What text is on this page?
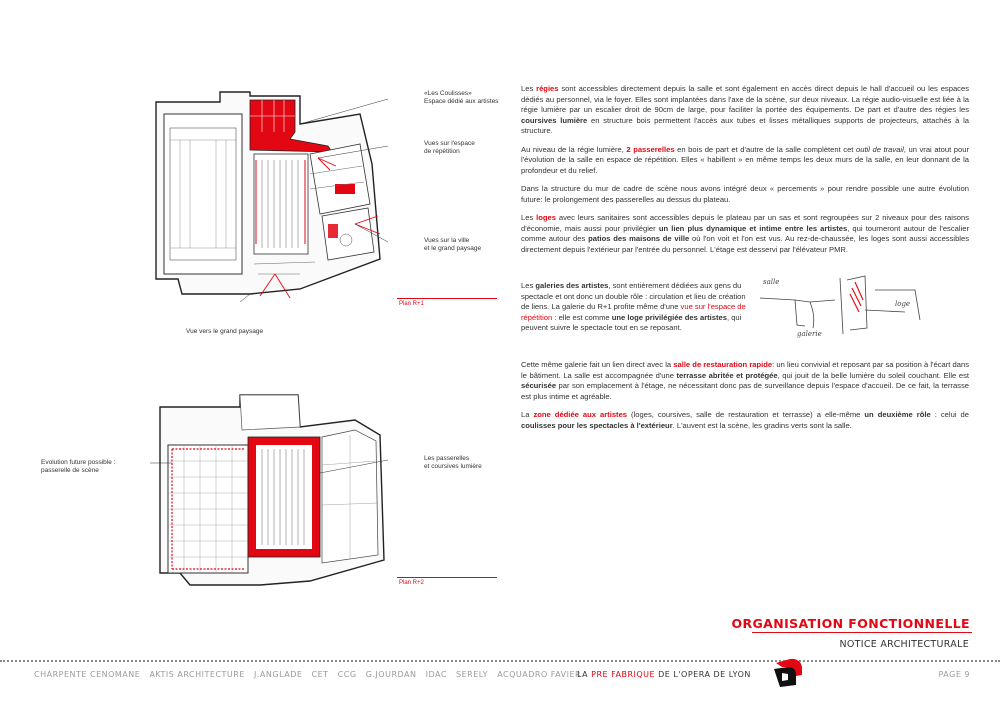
«Les Coulisses»
Espace dédié aux artistes
Vues sur l'espace
de répétition
Vues sur la ville
et le grand paysage
Vue vers le grand paysage
Plan R+1
Evolution future possible :
passerelle de scène
Les passerelles
et coursives lumière
Plan R+2

Les régies sont accessibles directement depuis la salle et sont également en accès direct depuis le hall d'accueil ou les espaces dédiés au personnel, via le foyer. Elles sont implantées dans l'axe de la scène, sur deux niveaux. La régie audio-visuelle est liée à la régie lumière par un escalier droit de 90cm de large, pour faciliter la portée des équipements. De part et d'autre des régies les coursives lumière en structure bois permettent l'accès aux tubes et lisses métalliques supports de projecteurs, attachés à la structure.

Au niveau de la régie lumière, 2 passerelles en bois de part et d'autre de la salle complètent cet outil de travail, un vrai atout pour l'évolution de la salle en espace de répétition. Elles « habillent » en même temps les deux murs de la salle, en leur donnant de la profondeur et du relief.

Dans la structure du mur de cadre de scène nous avons intégré deux « percements » pour rendre possible une autre évolution future: le prolongement des passerelles au dessus du plateau.

Les loges avec leurs sanitaires sont accessibles depuis le plateau par un sas et sont regroupées sur 2 niveaux pour des raisons d'économie, mais aussi pour privilégier un lien plus dynamique et intime entre les artistes, qui tourneront autour de l'escalier comme autour des patios des maisons de ville où l'on voit et l'on est vus. Au rez-de-chaussée, les loges sont aussi accessibles directement depuis l'extérieur par l'entrée du personnel. L'étage est desservi par l'élévateur PMR.

Les galeries des artistes, sont entièrement dédiées aux gens du spectacle et ont donc un double rôle : circulation et lieu de création de liens. La galerie du R+1 profite même d'une vue sur l'espace de répétition : elle est comme une loge privilégiée des artistes, qui peuvent suivre le spectacle tout en se reposant.
salle
galerie
loge

Cette même galerie fait un lien direct avec la salle de restauration rapide: un lieu convivial et reposant par sa position à l'écart dans le bâtiment. La salle est accompagnée d'une terrasse abritée et protégée, qui jouit de la belle lumière du soleil couchant. Elle est sécurisée par son emplacement à l'étage, ne nécessitant donc pas de surveillance depuis l'espace d'accueil. De ce fait, la terrasse est plus intime et agréable.

La zone dédiée aux artistes (loges, coursives, salle de restauration et terrasse) a elle-même un deuxième rôle : celui de coulisses pour les spectacles à l'extérieur. L'auvent est la scène, les gradins verts sont la salle.

ORGANISATION FONCTIONNELLE
NOTICE ARCHITECTURALE
CHARPENTE CENOMANE   AKTIS ARCHITECTURE   J.ANGLADE   CET   CCG   G.JOURDAN   IDAC   SERELY   ACQUADRO FAVIER
LA PRE FABRIQUE DE L'OPERA DE LYON	PAGE 9
